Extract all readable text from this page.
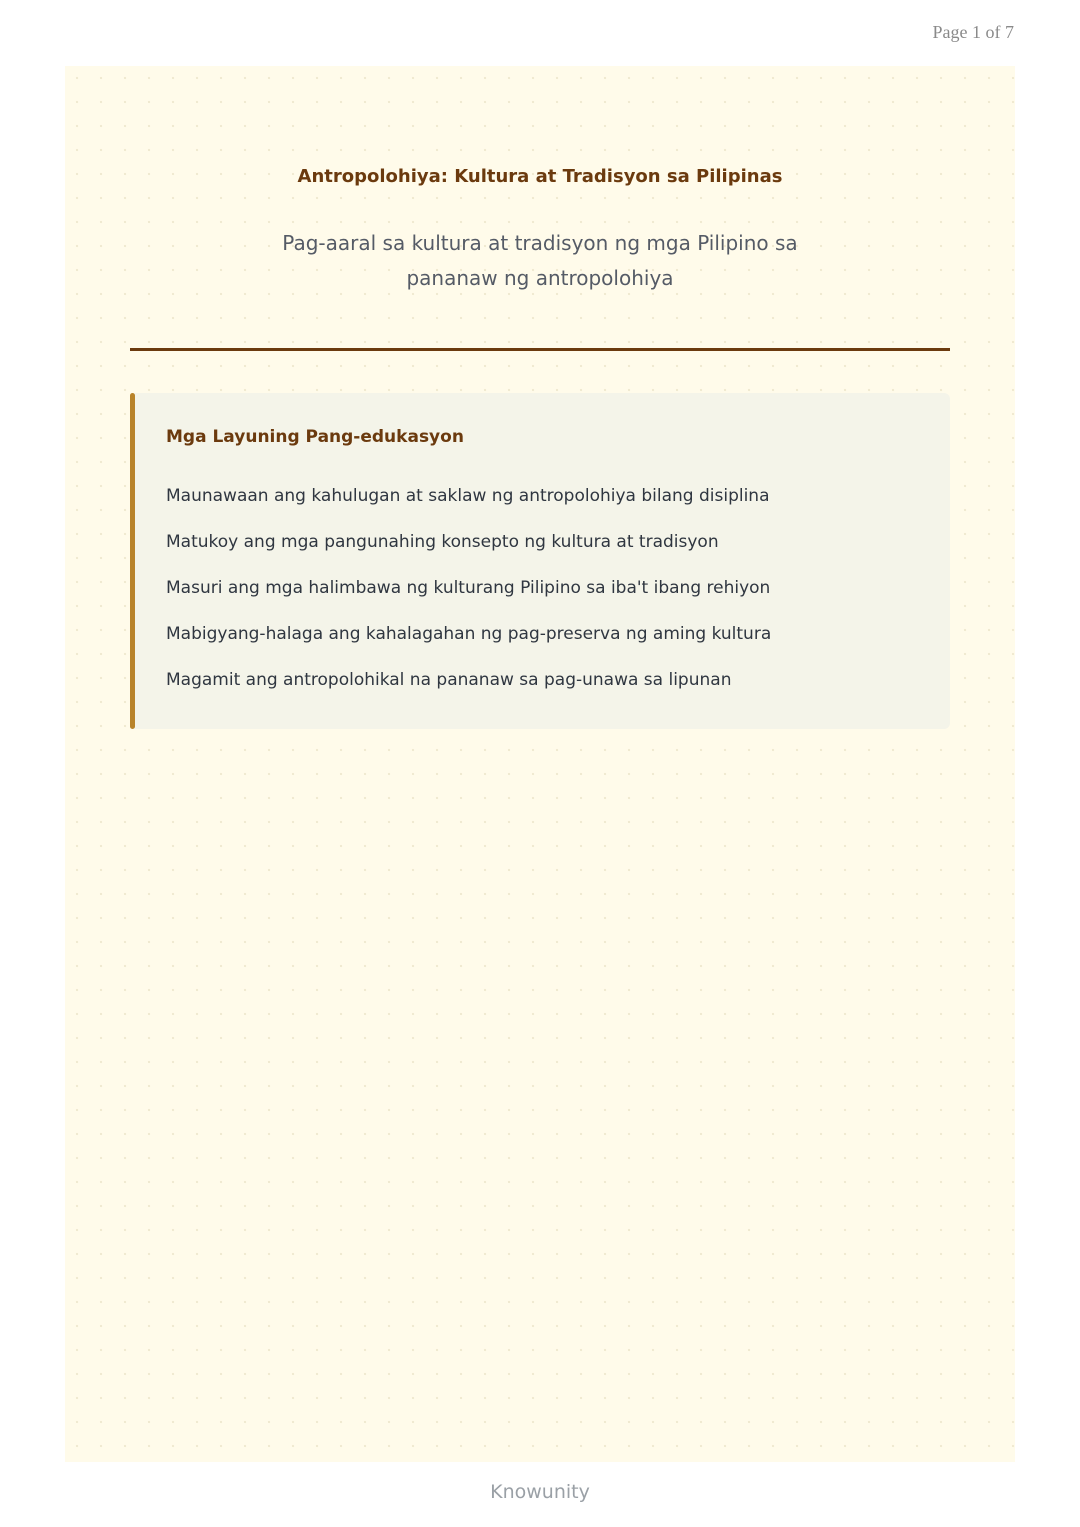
Page 1 of 7
Antropolohiya: Kultura at Tradisyon sa Pilipinas

Pag-aaral sa kultura at tradisyon ng mga Pilipino sa pananaw ng antropolohiya

Mga Layuning Pang-edukasyon
Maunawaan ang kahulugan at saklaw ng antropolohiya bilang disiplina
Matukoy ang mga pangunahing konsepto ng kultura at tradisyon
Masuri ang mga halimbawa ng kulturang Pilipino sa iba't ibang rehiyon
Mabigyang-halaga ang kahalagahan ng pag-preserva ng aming kultura
Magamit ang antropolohikal na pananaw sa pag-unawa sa lipunan
Knowunity
